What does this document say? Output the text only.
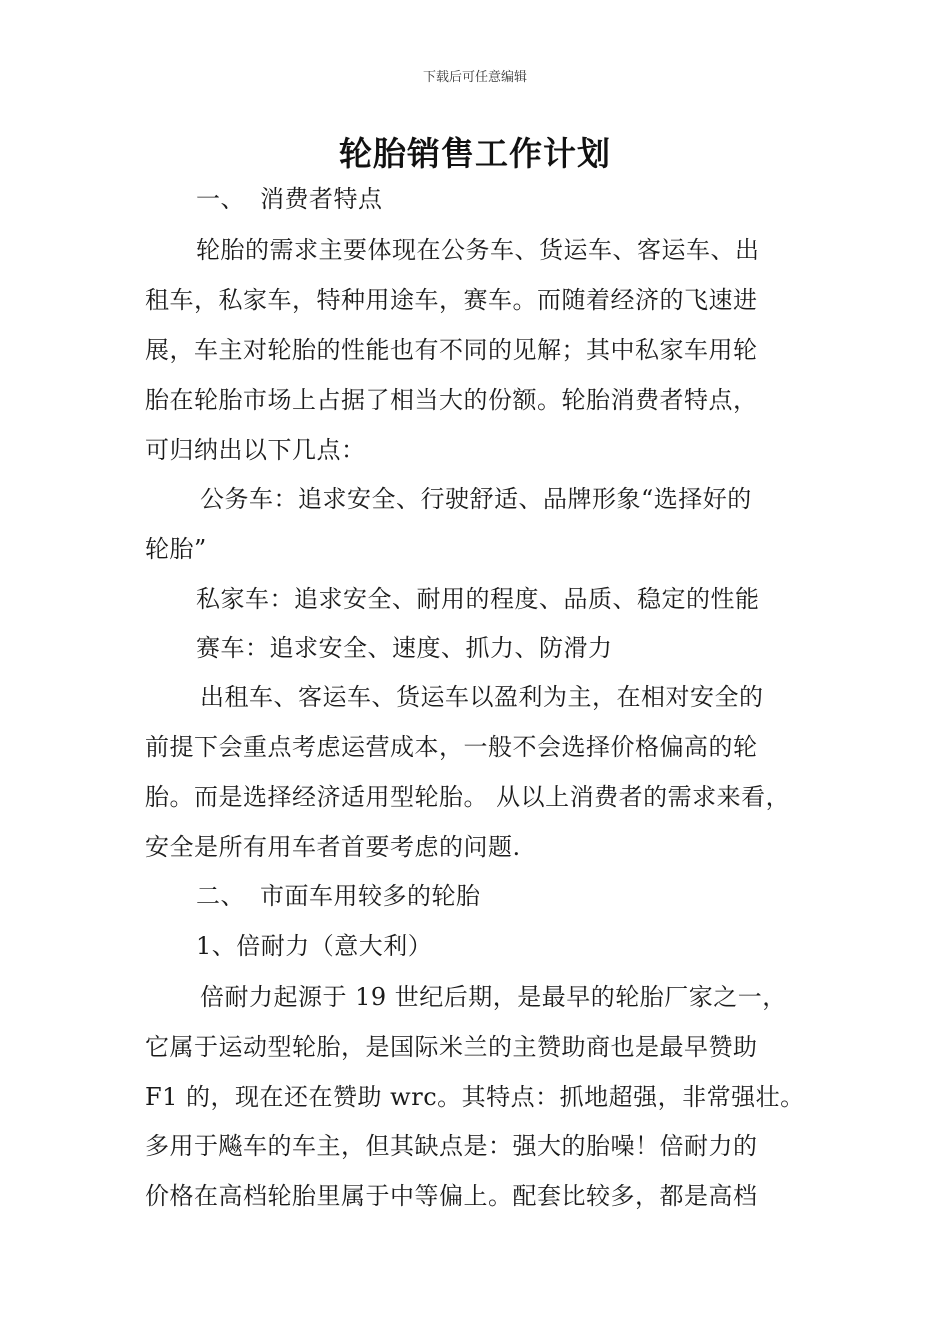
下载后可任意编辑
轮胎销售工作计划
一、 消费者特点
轮胎的需求主要体现在公务车、货运车、客运车、出
租车，私家车，特种用途车，赛车。而随着经济的飞速进
展，车主对轮胎的性能也有不同的见解；其中私家车用轮
胎在轮胎市场上占据了相当大的份额。轮胎消费者特点，
可归纳出以下几点：
公务车：追求安全、行驶舒适、品牌形象“选择好的
轮胎”
私家车：追求安全、耐用的程度、品质、稳定的性能
赛车：追求安全、速度、抓力、防滑力
出租车、客运车、货运车以盈利为主，在相对安全的
前提下会重点考虑运营成本，一般不会选择价格偏高的轮
胎。而是选择经济适用型轮胎。 从以上消费者的需求来看，
安全是所有用车者首要考虑的问题.
二、 市面车用较多的轮胎
1、倍耐力（意大利）
倍耐力起源于 19 世纪后期，是最早的轮胎厂家之一，
它属于运动型轮胎，是国际米兰的主赞助商也是最早赞助
F1 的，现在还在赞助 wrc。其特点：抓地超强，非常强壮。
多用于飚车的车主，但其缺点是：强大的胎噪！倍耐力的
价格在高档轮胎里属于中等偏上。配套比较多，都是高档
